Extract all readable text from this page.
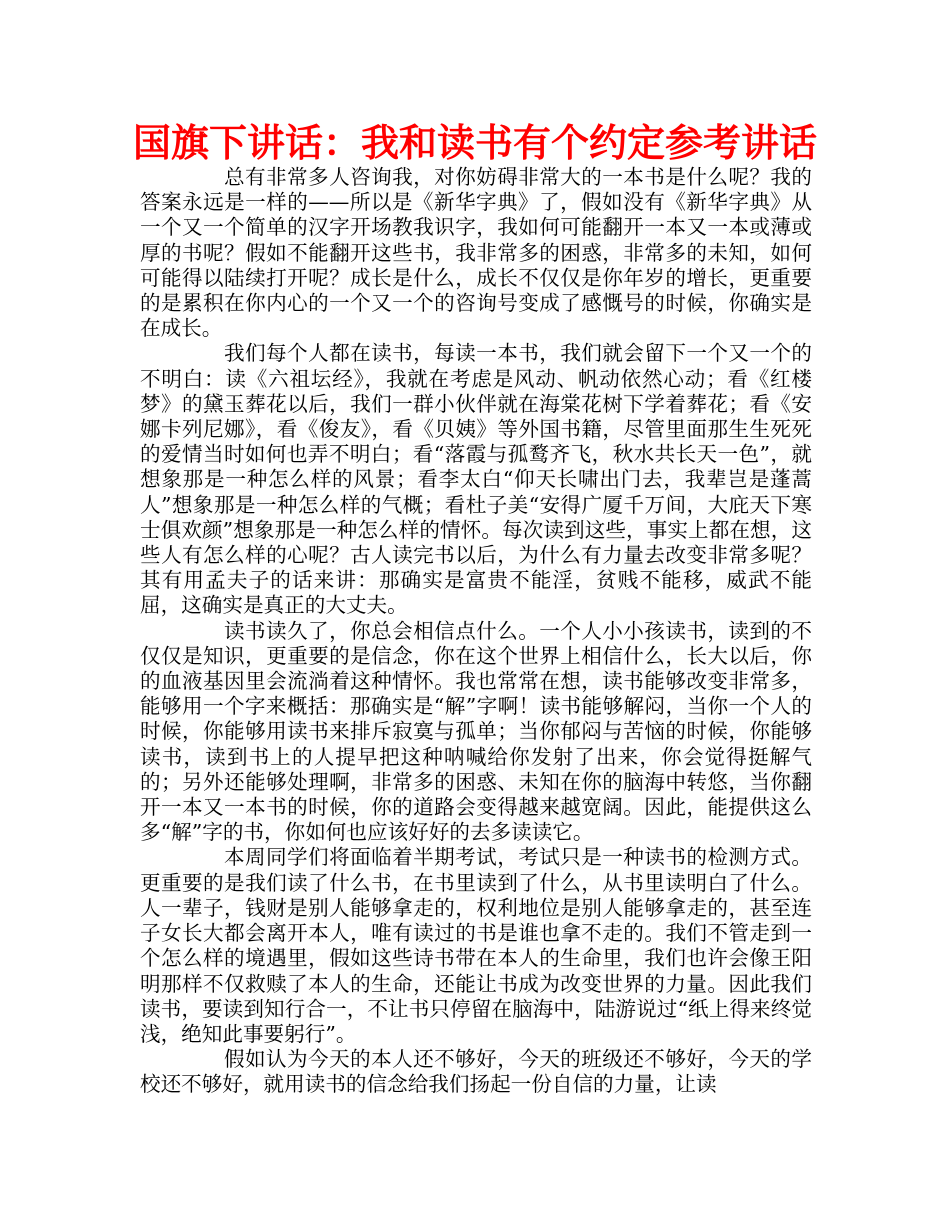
国旗下讲话：我和读书有个约定参考讲话

总有非常多人咨询我，对你妨碍非常大的一本书是什么呢？我的答案永远是一样的——所以是《新华字典》了，假如没有《新华字典》从一个又一个简单的汉字开场教我识字，我如何可能翻开一本又一本或薄或厚的书呢？假如不能翻开这些书，我非常多的困惑，非常多的未知，如何可能得以陆续打开呢？成长是什么，成长不仅仅是你年岁的增长，更重要的是累积在你内心的一个又一个的咨询号变成了感慨号的时候，你确实是在成长。

我们每个人都在读书，每读一本书，我们就会留下一个又一个的不明白：读《六祖坛经》，我就在考虑是风动、帆动依然心动；看《红楼梦》的黛玉葬花以后，我们一群小伙伴就在海棠花树下学着葬花；看《安娜卡列尼娜》，看《俊友》，看《贝姨》等外国书籍，尽管里面那生生死死的爱情当时如何也弄不明白；看“落霞与孤鹜齐飞，秋水共长天一色”，就想象那是一种怎么样的风景；看李太白“仰天长啸出门去，我辈岂是蓬蒿人”想象那是一种怎么样的气概；看杜子美“安得广厦千万间，大庇天下寒士俱欢颜”想象那是一种怎么样的情怀。每次读到这些，事实上都在想，这些人有怎么样的心呢？古人读完书以后，为什么有力量去改变非常多呢？其有用孟夫子的话来讲：那确实是富贵不能淫，贫贱不能移，威武不能屈，这确实是真正的大丈夫。

读书读久了，你总会相信点什么。一个人小小孩读书，读到的不仅仅是知识，更重要的是信念，你在这个世界上相信什么，长大以后，你的血液基因里会流淌着这种情怀。我也常常在想，读书能够改变非常多，能够用一个字来概括：那确实是“解”字啊！读书能够解闷，当你一个人的时候，你能够用读书来排斥寂寞与孤单；当你郁闷与苦恼的时候，你能够读书，读到书上的人提早把这种呐喊给你发射了出来，你会觉得挺解气的；另外还能够处理啊，非常多的困惑、未知在你的脑海中转悠，当你翻开一本又一本书的时候，你的道路会变得越来越宽阔。因此，能提供这么多“解”字的书，你如何也应该好好的去多读读它。

本周同学们将面临着半期考试，考试只是一种读书的检测方式。更重要的是我们读了什么书，在书里读到了什么，从书里读明白了什么。人一辈子，钱财是别人能够拿走的，权利地位是别人能够拿走的，甚至连子女长大都会离开本人，唯有读过的书是谁也拿不走的。我们不管走到一个怎么样的境遇里，假如这些诗书带在本人的生命里，我们也许会像王阳明那样不仅救赎了本人的生命，还能让书成为改变世界的力量。因此我们读书，要读到知行合一，不让书只停留在脑海中，陆游说过“纸上得来终觉浅，绝知此事要躬行”。

假如认为今天的本人还不够好，今天的班级还不够好，今天的学校还不够好，就用读书的信念给我们扬起一份自信的力量，让读
